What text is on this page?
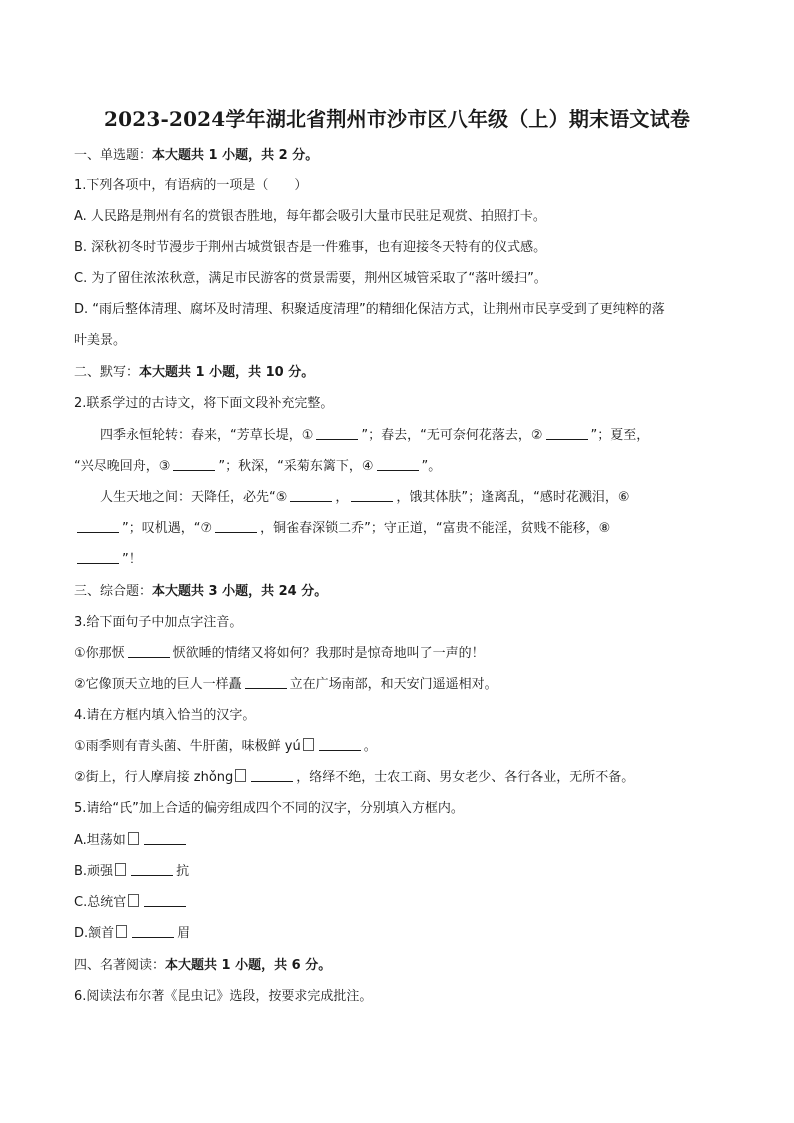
2023-2024学年湖北省荆州市沙市区八年级（上）期末语文试卷
一、单选题：本大题共 1 小题，共 2 分。
1.下列各项中，有语病的一项是（　　）
A. 人民路是荆州有名的赏银杏胜地，每年都会吸引大量市民驻足观赏、拍照打卡。
B. 深秋初冬时节漫步于荆州古城赏银杏是一件雅事，也有迎接冬天特有的仪式感。
C. 为了留住浓浓秋意，满足市民游客的赏景需要，荆州区城管采取了“落叶缓扫”。
D. “雨后整体清理、腐坏及时清理、积聚适度清理”的精细化保洁方式，让荆州市民享受到了更纯粹的落
叶美景。
二、默写：本大题共 1 小题，共 10 分。
2.联系学过的古诗文，将下面文段补充完整。
四季永恒轮转：春来，“芳草长堤，①	”；春去，“无可奈何花落去，②	”；夏至，
“兴尽晚回舟，③	”；秋深，“采菊东篱下，④	”。
人生天地之间：天降任，必先“⑤	，	，饿其体肤”；逢离乱，“感时花溅泪，⑥
”；叹机遇，“⑦	，铜雀春深锁二乔”；守正道，“富贵不能淫，贫贱不能移，⑧
”！
三、综合题：本大题共 3 小题，共 24 分。
3.给下面句子中加点字注音。
①你那恹	恹欲睡的情绪又将如何？我那时是惊奇地叫了一声的！
②它像顶天立地的巨人一样矗	立在广场南部，和天安门遥遥相对。
4.请在方框内填入恰当的汉字。
①雨季则有青头菌、牛肝菌，味极鲜 yú	。
②街上，行人摩肩接 zhǒng	，络绎不绝，士农工商、男女老少、各行各业，无所不备。
5.请给“氏”加上合适的偏旁组成四个不同的汉字，分别填入方框内。
A.坦荡如
B.顽强	抗
C.总统官
D.颔首	眉
四、名著阅读：本大题共 1 小题，共 6 分。
6.阅读法布尔著《昆虫记》选段，按要求完成批注。
